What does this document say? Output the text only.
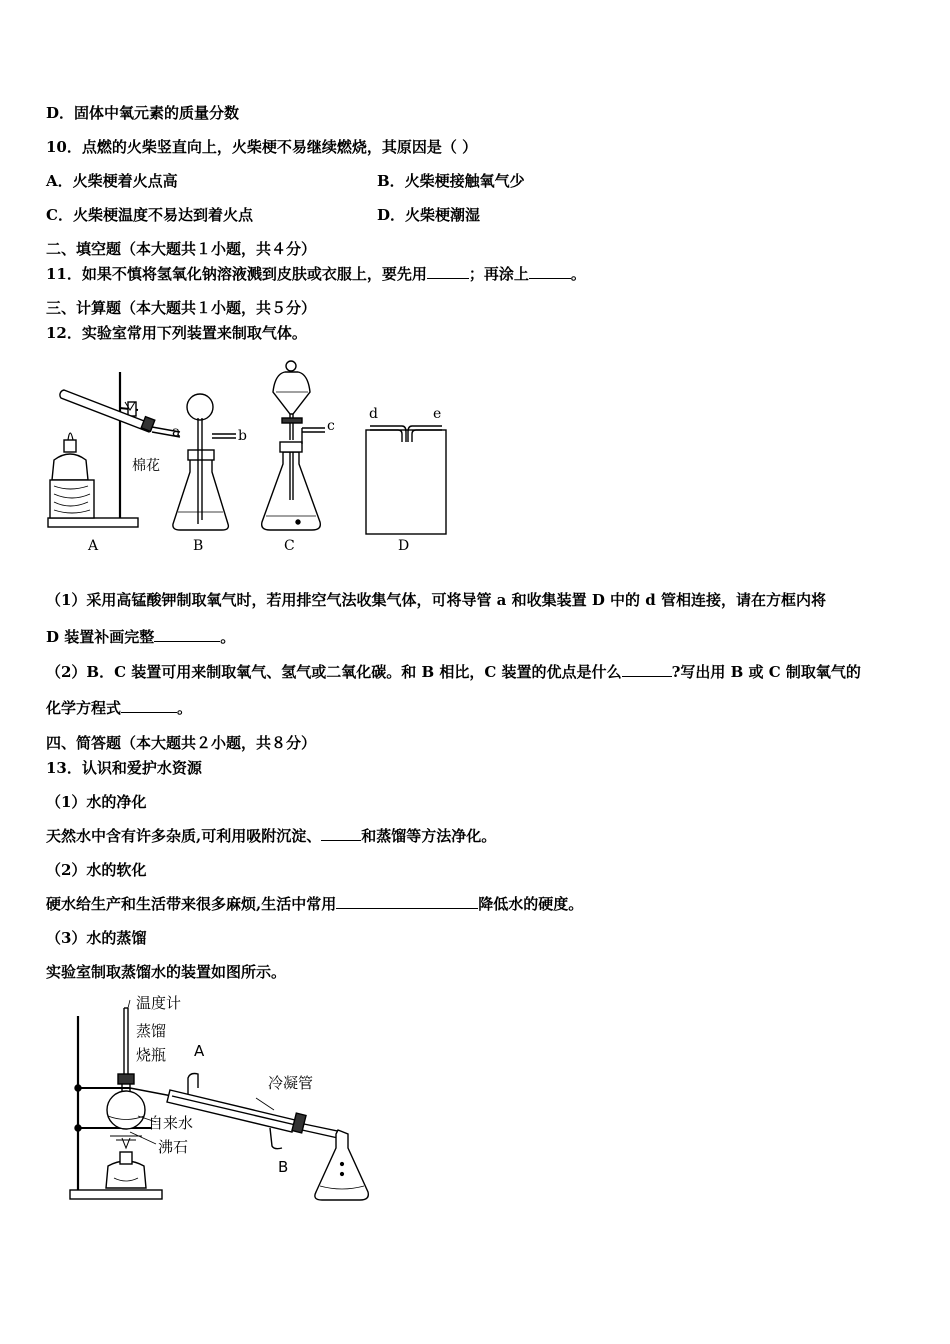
D．固体中氧元素的质量分数
10．点燃的火柴竖直向上，火柴梗不易继续燃烧，其原因是（ ）
A．火柴梗着火点高	B．火柴梗接触氧气少
C．火柴梗温度不易达到着火点	D．火柴梗潮湿
二、填空题（本大题共１小题，共４分）
11．如果不慎将氢氧化钠溶液溅到皮肤或衣服上，要先用	；再涂上	。
三、计算题（本大题共１小题，共５分）
12．实验室常用下列装置来制取气体。
棉花
a	b
c
d	e
A	B	C	D
（1）采用高锰酸钾制取氧气时，若用排空气法收集气体，可将导管 a 和收集装置 D 中的 d 管相连接，请在方框内将
D 装置补画完整	。
（2）B．C 装置可用来制取氧气、氢气或二氧化碳。和 B 相比，C 装置的优点是什么	?写出用 B 或 C 制取氧气的
化学方程式	。
四、简答题（本大题共２小题，共８分）
13．认识和爱护水资源
（1）水的净化
天然水中含有许多杂质,可利用吸附沉淀、	和蒸馏等方法净化。
（2）水的软化
硬水给生产和生活带来很多麻烦,生活中常用	降低水的硬度。
（3）水的蒸馏
实验室制取蒸馏水的装置如图所示。
温度计
蒸馏
烧瓶 A
冷凝管
自来水
沸石
B
